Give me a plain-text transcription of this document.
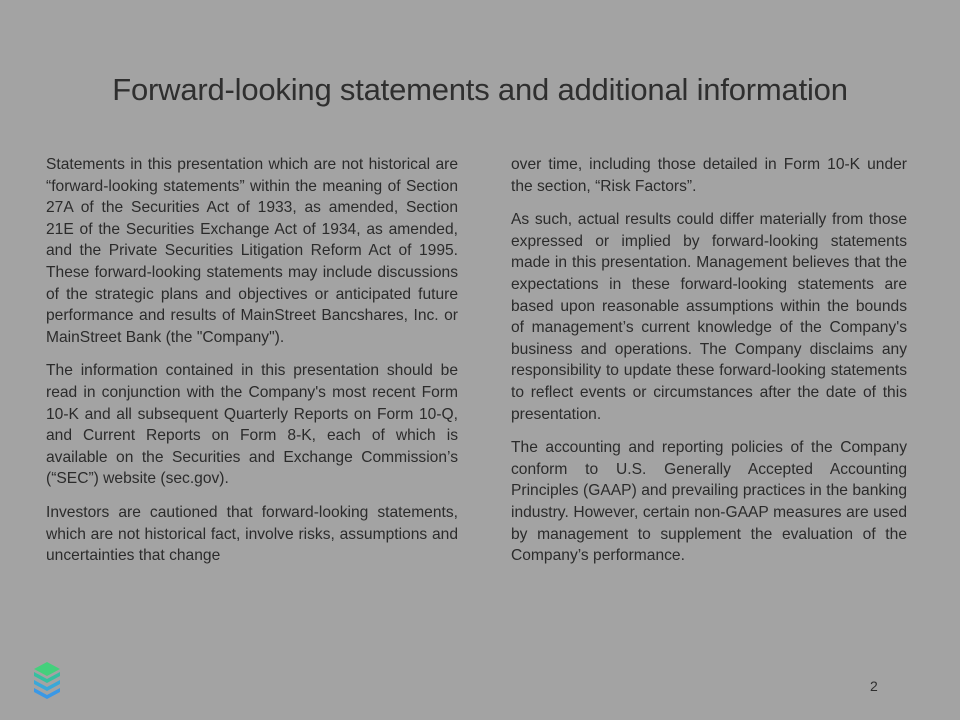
Forward-looking statements and additional information

Statements in this presentation which are not historical are “forward-looking statements” within the meaning of Section 27A of the Securities Act of 1933, as amended, Section 21E of the Securities Exchange Act of 1934, as amended, and the Private Securities Litigation Reform Act of 1995. These forward-looking statements may include discussions of the strategic plans and objectives or anticipated future performance and results of MainStreet Bancshares, Inc. or MainStreet Bank (the "Company").

The information contained in this presentation should be read in conjunction with the Company's most recent Form 10-K and all subsequent Quarterly Reports on Form 10-Q, and Current Reports on Form 8-K, each of which is available on the Securities and Exchange Commission’s (“SEC”) website (sec.gov).

Investors are cautioned that forward-looking statements, which are not historical fact, involve risks, assumptions and uncertainties that change

over time, including those detailed in Form 10-K under the section, “Risk Factors”.

As such, actual results could differ materially from those expressed or implied by forward-looking statements made in this presentation. Management believes that the expectations in these forward-looking statements are based upon reasonable assumptions within the bounds of management’s current knowledge of the Company's business and operations. The Company disclaims any responsibility to update these forward-looking statements to reflect events or circumstances after the date of this presentation.

The accounting and reporting policies of the Company conform to U.S. Generally Accepted Accounting Principles (GAAP) and prevailing practices in the banking industry. However, certain non-GAAP measures are used by management to supplement the evaluation of the Company’s performance.

2
